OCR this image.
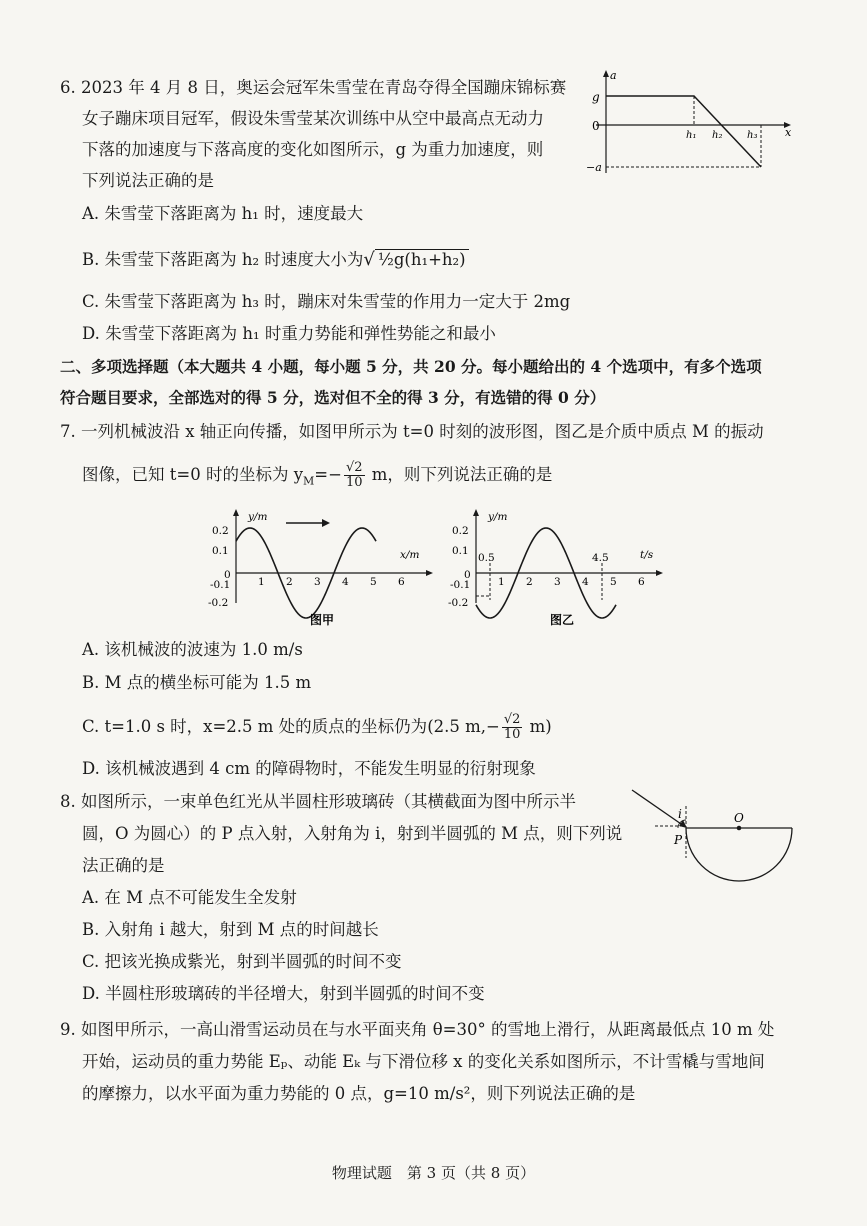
6. 2023 年 4 月 8 日，奥运会冠军朱雪莹在青岛夺得全国蹦床锦标赛
女子蹦床项目冠军，假设朱雪莹某次训练中从空中最高点无动力
下落的加速度与下落高度的变化如图所示，g 为重力加速度，则
下列说法正确的是
A. 朱雪莹下落距离为 h₁ 时，速度最大
B. 朱雪莹下落距离为 h₂ 时速度大小为√ ½g(h₁+h₂)
C. 朱雪莹下落距离为 h₃ 时，蹦床对朱雪莹的作用力一定大于 2mg
D. 朱雪莹下落距离为 h₁ 时重力势能和弹性势能之和最小
a
x
g
0
−a
h₁ h₂ h₃
二、多项选择题（本大题共 4 小题，每小题 5 分，共 20 分。每小题给出的 4 个选项中，有多个选项
符合题目要求，全部选对的得 5 分，选对但不全的得 3 分，有选错的得 0 分）
7. 一列机械波沿 x 轴正向传播，如图甲所示为 t=0 时刻的波形图，图乙是介质中质点 M 的振动
图像，已知 t=0 时的坐标为 $y_M=- \frac{√2}{10}$ m，则下列说法正确的是
y/m
x/m
0.2
0.1
0
-0.1
-0.2
1 2 3 4 5 6
图甲
y/m
t/s
0.2
0.1
0
-0.1
-0.2
0.5	4.5
1 2 3 4 5 6
图乙
A. 该机械波的波速为 1.0 m/s
B. M 点的横坐标可能为 1.5 m
C. t=1.0 s 时，x=2.5 m 处的质点的坐标仍为(2.5 $m,- \frac{√2}{10} m$)
D. 该机械波遇到 4 cm 的障碍物时，不能发生明显的衍射现象
8. 如图所示，一束单色红光从半圆柱形玻璃砖（其横截面为图中所示半
圆，O 为圆心）的 P 点入射，入射角为 i，射到半圆弧的 M 点，则下列说
法正确的是
A. 在 M 点不可能发生全发射
B. 入射角 i 越大，射到 M 点的时间越长
C. 把该光换成紫光，射到半圆弧的时间不变
D. 半圆柱形玻璃砖的半径增大，射到半圆弧的时间不变
i	O
P
9. 如图甲所示，一高山滑雪运动员在与水平面夹角 θ=30° 的雪地上滑行，从距离最低点 10 m 处
开始，运动员的重力势能 Eₚ、动能 Eₖ 与下滑位移 x 的变化关系如图所示，不计雪橇与雪地间
的摩擦力，以水平面为重力势能的 0 点，g=10 m/s²，则下列说法正确的是
物理试题　第 3 页（共 8 页）
